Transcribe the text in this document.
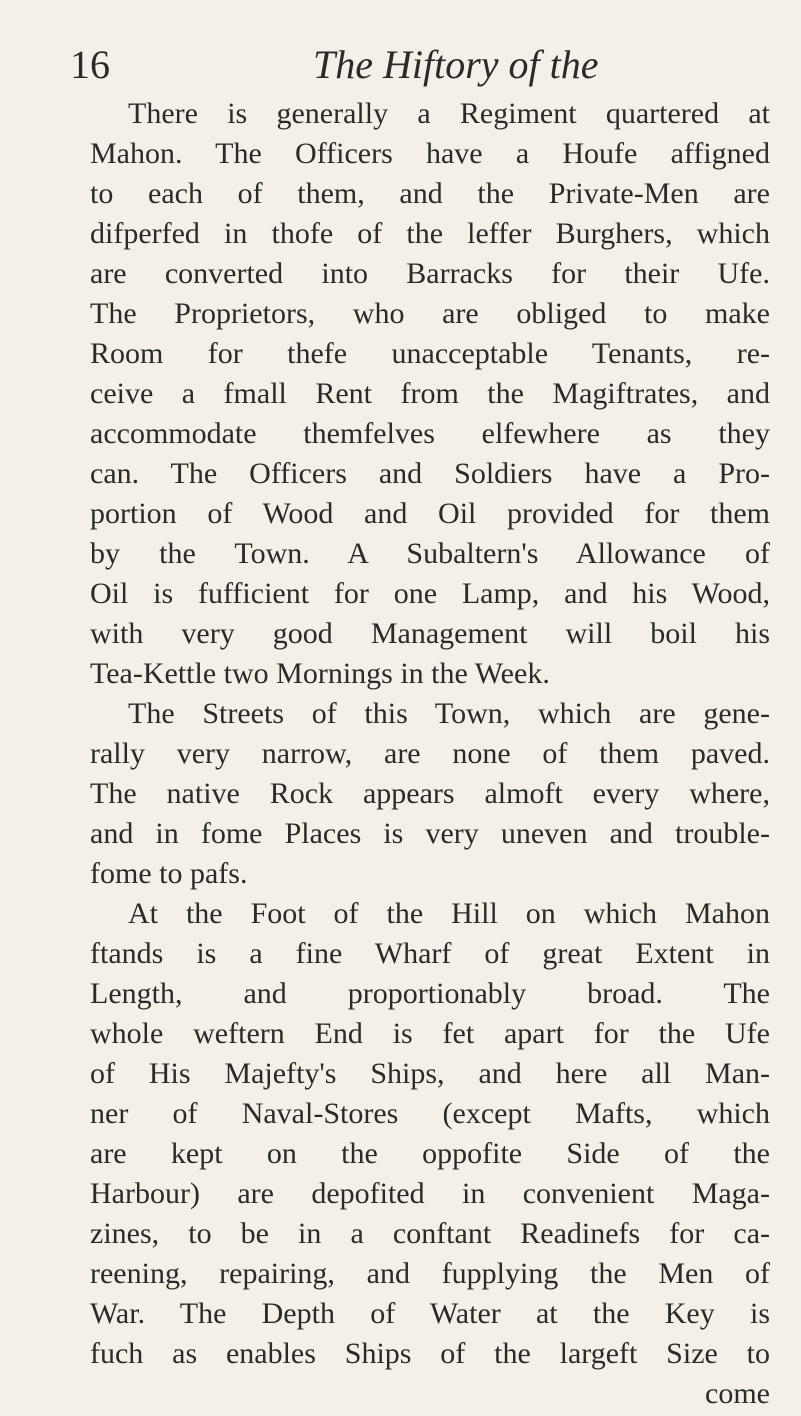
16	The Hiftory of the
There is generally a Regiment quartered at
Mahon. The Officers have a Houfe affigned
to each of them, and the Private-Men are
difperfed in thofe of the leffer Burghers, which
are converted into Barracks for their Ufe.
The Proprietors, who are obliged to make
Room for thefe unacceptable Tenants, re-
ceive a fmall Rent from the Magiftrates, and
accommodate themfelves elfewhere as they
can. The Officers and Soldiers have a Pro-
portion of Wood and Oil provided for them
by the Town. A Subaltern's Allowance of
Oil is fufficient for one Lamp, and his Wood,
with very good Management will boil his
Tea-Kettle two Mornings in the Week.
The Streets of this Town, which are gene-
rally very narrow, are none of them paved.
The native Rock appears almoft every where,
and in fome Places is very uneven and trouble-
fome to pafs.
At the Foot of the Hill on which Mahon
ftands is a fine Wharf of great Extent in
Length, and proportionably broad. The
whole weftern End is fet apart for the Ufe
of His Majefty's Ships, and here all Man-
ner of Naval-Stores (except Mafts, which
are kept on the oppofite Side of the
Harbour) are depofited in convenient Maga-
zines, to be in a conftant Readinefs for ca-
reening, repairing, and fupplying the Men of
War. The Depth of Water at the Key is
fuch as enables Ships of the largeft Size to
come
